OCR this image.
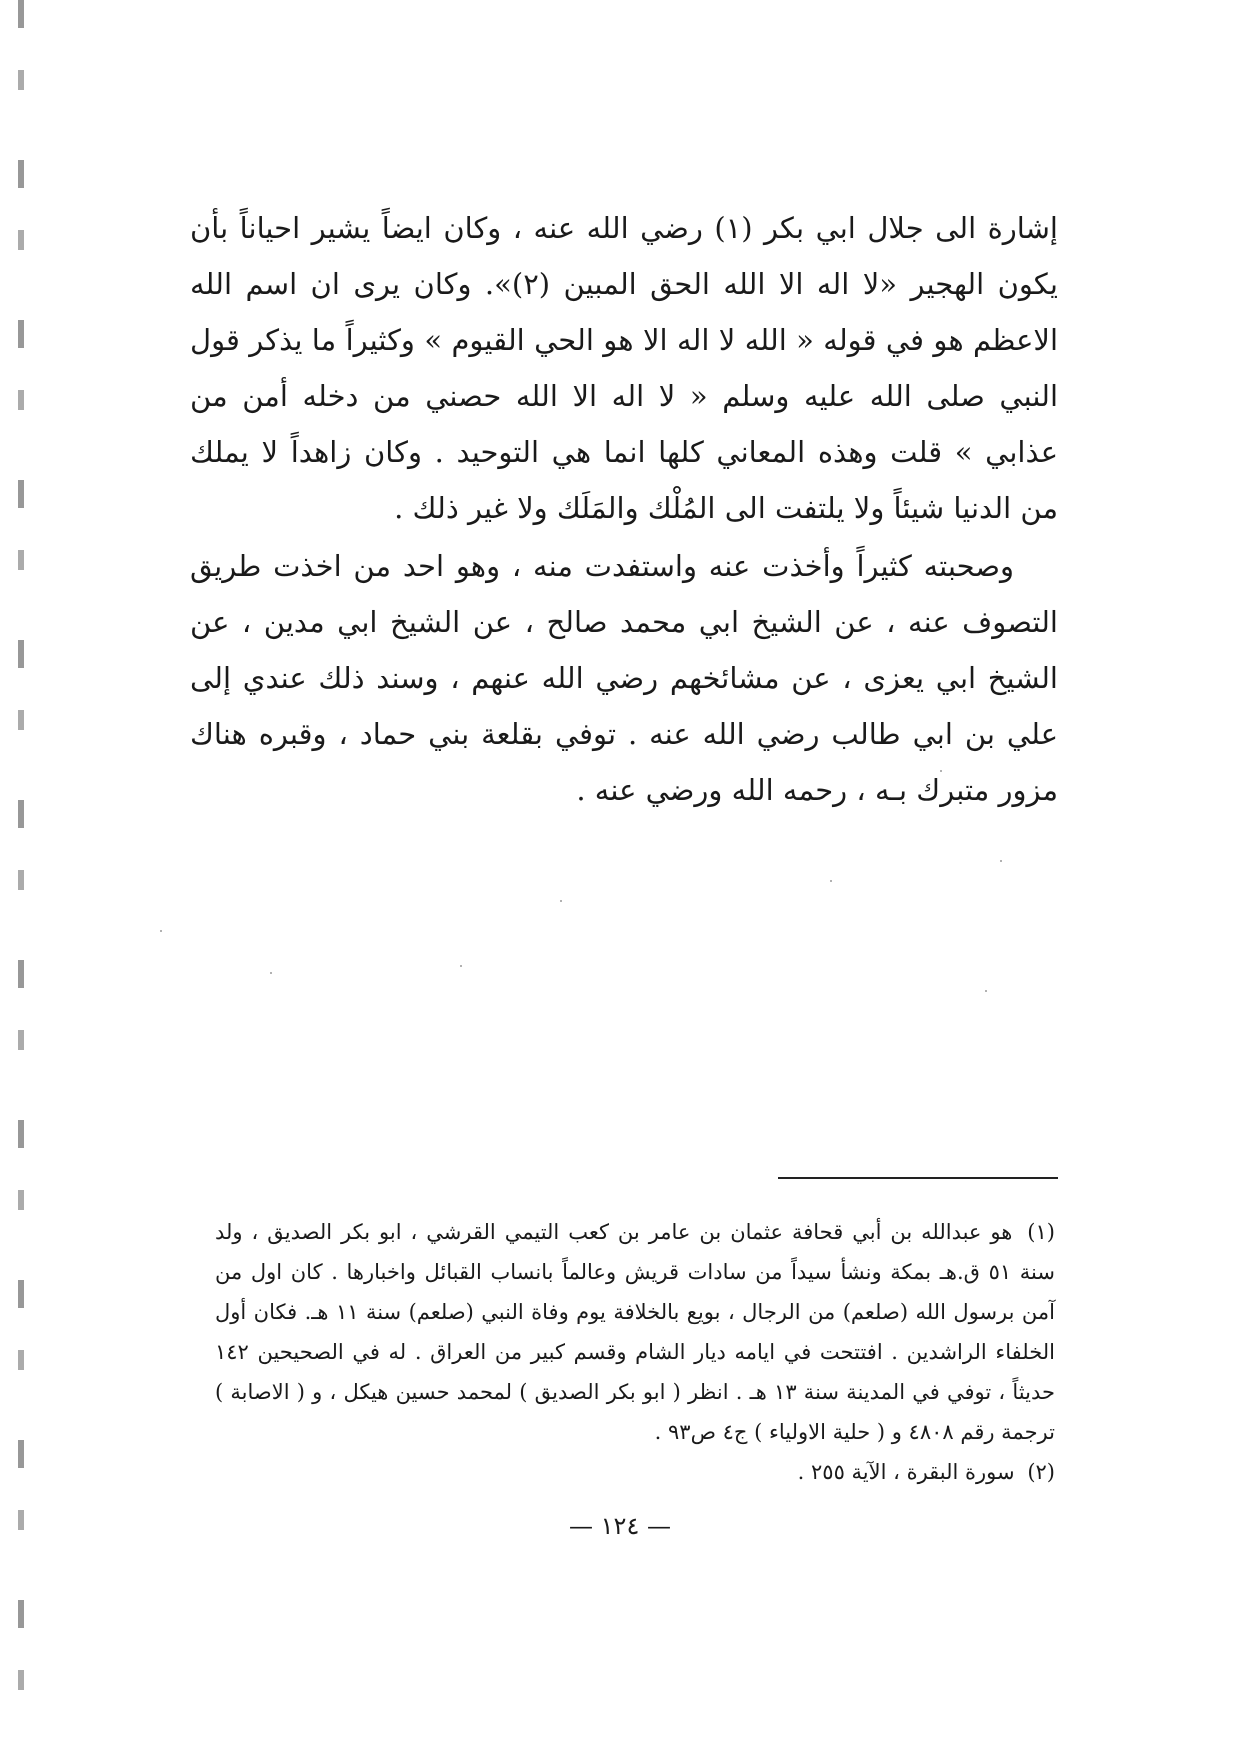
إشارة الى جلال ابي بكر (١) رضي الله عنه ، وكان ايضاً يشير احياناً بأن يكون الهجير «لا اله الا الله الحق المبين (٢)». وكان يرى ان اسم الله الاعظم هو في قوله « الله لا اله الا هو الحي القيوم » وكثيراً ما يذكر قول النبي صلى الله عليه وسلم « لا اله الا الله حصني من دخله أمن من عذابي » قلت وهذه المعاني كلها انما هي التوحيد . وكان زاهداً لا يملك من الدنيا شيئاً ولا يلتفت الى المُلْك والمَلَك ولا غير ذلك .

وصحبته كثيراً وأخذت عنه واستفدت منه ، وهو احد من اخذت طريق التصوف عنه ، عن الشيخ ابي محمد صالح ، عن الشيخ ابي مدين ، عن الشيخ ابي يعزى ، عن مشائخهم رضي الله عنهم ، وسند ذلك عندي إلى علي بن ابي طالب رضي الله عنه . توفي بقلعة بني حماد ، وقبره هناك مزور متبرك بـه ، رحمه الله ورضي عنه .

(١) هو عبدالله بن أبي قحافة عثمان بن عامر بن كعب التيمي القرشي ، ابو بكر الصديق ، ولد سنة ٥١ ق.هـ بمكة ونشأ سيداً من سادات قريش وعالماً بانساب القبائل واخبارها . كان اول من آمن برسول الله (صلعم) من الرجال ، بويع بالخلافة يوم وفاة النبي (صلعم) سنة ١١ هـ. فكان أول الخلفاء الراشدين . افتتحت في ايامه ديار الشام وقسم كبير من العراق . له في الصحيحين ١٤٢ حديثاً ، توفي في المدينة سنة ١٣ هـ . انظر ( ابو بكر الصديق ) لمحمد حسين هيكل ، و ( الاصابة ) ترجمة رقم ٤٨٠٨ و ( حلية الاولياء ) ج٤ ص٩٣ .

(٢) سورة البقرة ، الآية ٢٥٥ .

— ١٢٤ —
